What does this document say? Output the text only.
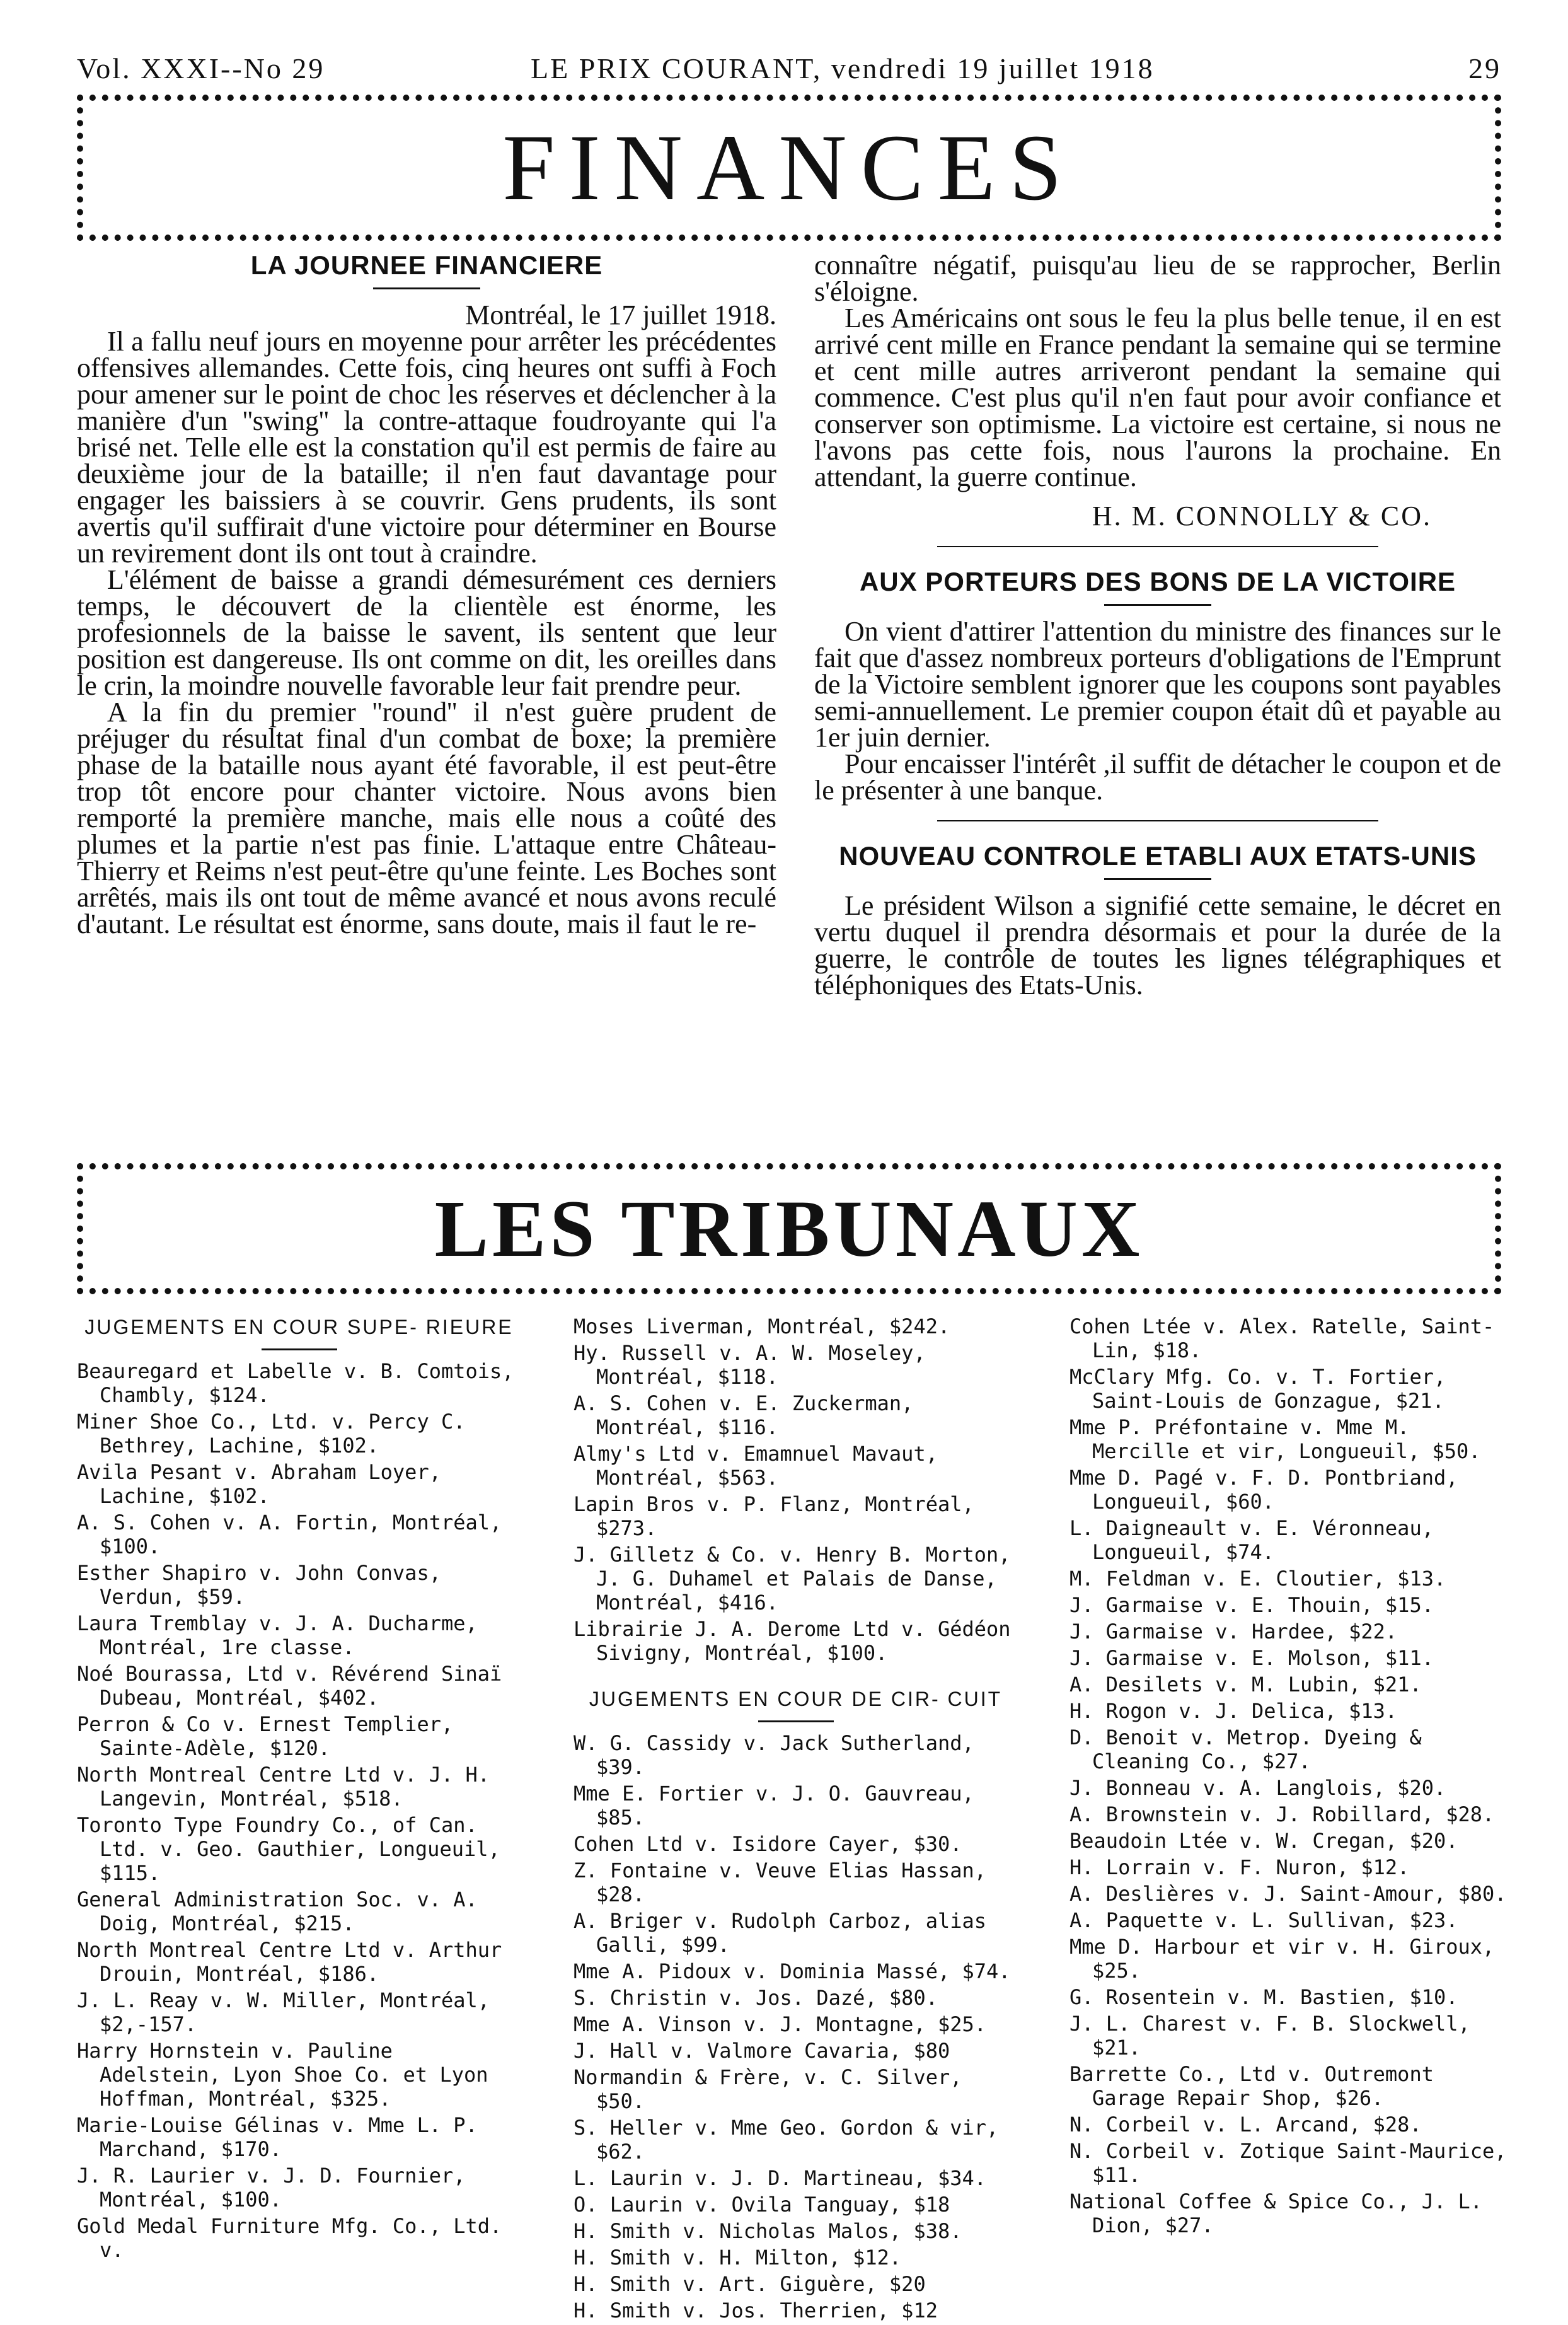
Vol. XXXI--No 29	LE PRIX COURANT, vendredi 19 juillet 1918	29
FINANCES
LA JOURNEE FINANCIERE

Montréal, le 17 juillet 1918.

Il a fallu neuf jours en moyenne pour arrêter les précédentes offensives allemandes. Cette fois, cinq heures ont suffi à Foch pour amener sur le point de choc les réserves et déclencher à la manière d'un ''swing'' la contre-attaque foudroyante qui l'a brisé net. Telle elle est la constation qu'il est permis de faire au deuxième jour de la bataille; il n'en faut davantage pour engager les baissiers à se couvrir. Gens prudents, ils sont avertis qu'il suffirait d'une victoire pour déterminer en Bourse un revirement dont ils ont tout à craindre.

L'élément de baisse a grandi démesurément ces derniers temps, le découvert de la clientèle est énorme, les profesionnels de la baisse le savent, ils sentent que leur position est dangereuse. Ils ont comme on dit, les oreilles dans le crin, la moindre nouvelle favorable leur fait prendre peur.

A la fin du premier ''round'' il n'est guère prudent de préjuger du résultat final d'un combat de boxe; la première phase de la bataille nous ayant été favorable, il est peut-être trop tôt encore pour chanter victoire. Nous avons bien remporté la première manche, mais elle nous a coûté des plumes et la partie n'est pas finie. L'attaque entre Château-Thierry et Reims n'est peut-être qu'une feinte. Les Boches sont arrêtés, mais ils ont tout de même avancé et nous avons reculé d'autant. Le résultat est énorme, sans doute, mais il faut le re-

connaître négatif, puisqu'au lieu de se rapprocher, Berlin s'éloigne.

Les Américains ont sous le feu la plus belle tenue, il en est arrivé cent mille en France pendant la semaine qui se termine et cent mille autres arriveront pendant la semaine qui commence. C'est plus qu'il n'en faut pour avoir confiance et conserver son optimisme. La victoire est certaine, si nous ne l'avons pas cette fois, nous l'aurons la prochaine. En attendant, la guerre continue.

H. M. CONNOLLY & CO.
AUX PORTEURS DES BONS DE LA VICTOIRE

On vient d'attirer l'attention du ministre des finances sur le fait que d'assez nombreux porteurs d'obligations de l'Emprunt de la Victoire semblent ignorer que les coupons sont payables semi-annuellement. Le premier coupon était dû et payable au 1er juin dernier.

Pour encaisser l'intérêt ,il suffit de détacher le coupon et de le présenter à une banque.

NOUVEAU CONTROLE ETABLI AUX ETATS-UNIS

Le président Wilson a signifié cette semaine, le décret en vertu duquel il prendra désormais et pour la durée de la guerre, le contrôle de toutes les lignes télégraphiques et téléphoniques des Etats-Unis.

LES TRIBUNAUX
JUGEMENTS EN COUR SUPE- RIEURE
Beauregard et Labelle v. B. Comtois, Chambly, $124.
Miner Shoe Co., Ltd. v. Percy C. Bethrey, Lachine, $102.
Avila Pesant v. Abraham Loyer, Lachine, $102.
A. S. Cohen v. A. Fortin, Montréal, $100.
Esther Shapiro v. John Convas, Verdun, $59.
Laura Tremblay v. J. A. Ducharme, Montréal, 1re classe.
Noé Bourassa, Ltd v. Révérend Sinaï Dubeau, Montréal, $402.
Perron & Co v. Ernest Templier, Sainte-Adèle, $120.
North Montreal Centre Ltd v. J. H. Langevin, Montréal, $518.
Toronto Type Foundry Co., of Can. Ltd. v. Geo. Gauthier, Longueuil, $115.
General Administration Soc. v. A. Doig, Montréal, $215.
North Montreal Centre Ltd v. Arthur Drouin, Montréal, $186.
J. L. Reay v. W. Miller, Montréal, $2,-157.
Harry Hornstein v. Pauline Adelstein, Lyon Shoe Co. et Lyon Hoffman, Montréal, $325.
Marie-Louise Gélinas v. Mme L. P. Marchand, $170.
J. R. Laurier v. J. D. Fournier, Montréal, $100.
Gold Medal Furniture Mfg. Co., Ltd. v.
Moses Liverman, Montréal, $242.
Hy. Russell v. A. W. Moseley, Montréal, $118.
A. S. Cohen v. E. Zuckerman, Montréal, $116.
Almy's Ltd v. Emamnuel Mavaut, Montréal, $563.
Lapin Bros v. P. Flanz, Montréal, $273.
J. Gilletz & Co. v. Henry B. Morton, J. G. Duhamel et Palais de Danse, Montréal, $416.
Librairie J. A. Derome Ltd v. Gédéon Sivigny, Montréal, $100.
JUGEMENTS EN COUR DE CIR- CUIT
W. G. Cassidy v. Jack Sutherland, $39.
Mme E. Fortier v. J. O. Gauvreau, $85.
Cohen Ltd v. Isidore Cayer, $30.
Z. Fontaine v. Veuve Elias Hassan, $28.
A. Briger v. Rudolph Carboz, alias Galli, $99.
Mme A. Pidoux v. Dominia Massé, $74.
S. Christin v. Jos. Dazé, $80.
Mme A. Vinson v. J. Montagne, $25.
J. Hall v. Valmore Cavaria, $80
Normandin & Frère, v. C. Silver, $50.
S. Heller v. Mme Geo. Gordon & vir, $62.
L. Laurin v. J. D. Martineau, $34.
O. Laurin v. Ovila Tanguay, $18
H. Smith v. Nicholas Malos, $38.
H. Smith v. H. Milton, $12.
H. Smith v. Art. Giguère, $20
H. Smith v. Jos. Therrien, $12
Cohen Ltée v. Alex. Ratelle, Saint-Lin, $18.
McClary Mfg. Co. v. T. Fortier, Saint-Louis de Gonzague, $21.
Mme P. Préfontaine v. Mme M. Mercille et vir, Longueuil, $50.
Mme D. Pagé v. F. D. Pontbriand, Longueuil, $60.
L. Daigneault v. E. Véronneau, Longueuil, $74.
M. Feldman v. E. Cloutier, $13.
J. Garmaise v. E. Thouin, $15.
J. Garmaise v. Hardee, $22.
J. Garmaise v. E. Molson, $11.
A. Desilets v. M. Lubin, $21.
H. Rogon v. J. Delica, $13.
D. Benoit v. Metrop. Dyeing & Cleaning Co., $27.
J. Bonneau v. A. Langlois, $20.
A. Brownstein v. J. Robillard, $28.
Beaudoin Ltée v. W. Cregan, $20.
H. Lorrain v. F. Nuron, $12.
A. Deslières v. J. Saint-Amour, $80.
A. Paquette v. L. Sullivan, $23.
Mme D. Harbour et vir v. H. Giroux, $25.
G. Rosentein v. M. Bastien, $10.
J. L. Charest v. F. B. Slockwell, $21.
Barrette Co., Ltd v. Outremont Garage Repair Shop, $26.
N. Corbeil v. L. Arcand, $28.
N. Corbeil v. Zotique Saint-Maurice, $11.
National Coffee & Spice Co., J. L. Dion, $27.
